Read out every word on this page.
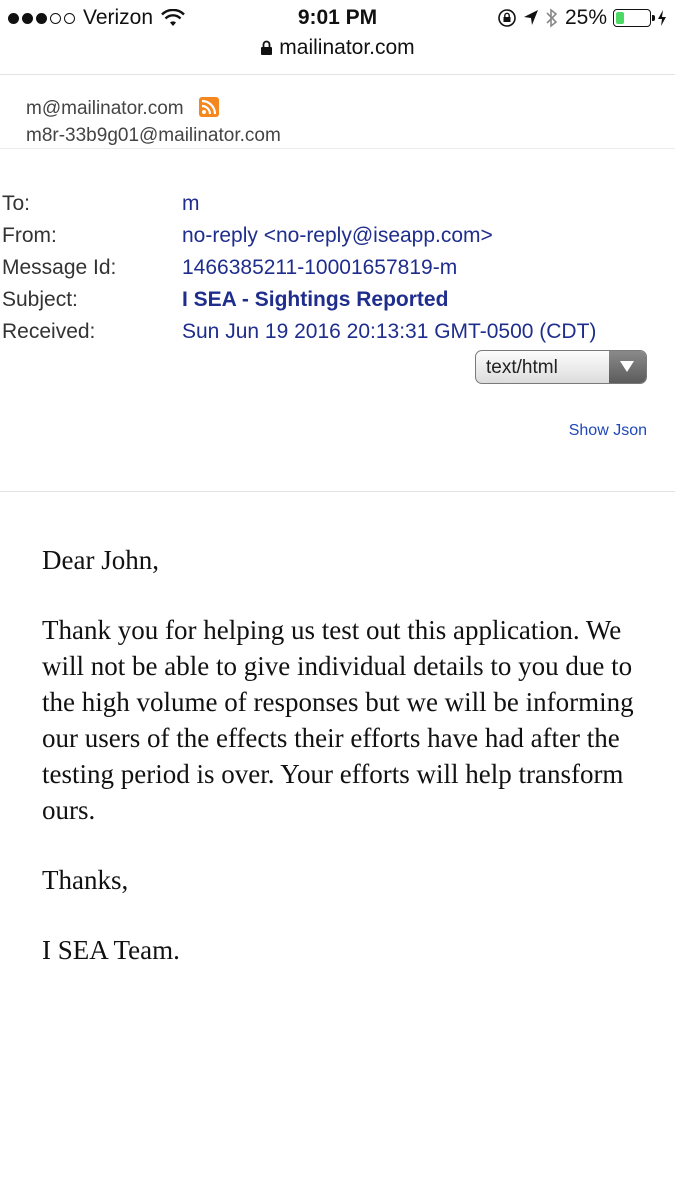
Verizon	9:01 PM	25%
mailinator.com
m@mailinator.com
m8r-33b9g01@mailinator.com
To:	m
From:	no-reply <no-reply@iseapp.com>
Message Id:	1466385211-10001657819-m
Subject:	I SEA - Sightings Reported
Received:	Sun Jun 19 2016 20:13:31 GMT-0500 (CDT)
text/html
Show Json

Dear John,

Thank you for helping us test out this application. We will not be able to give individual details to you due to the high volume of responses but we will be informing our users of the effects their efforts have had after the testing period is over. Your efforts will help transform ours.

Thanks,

I SEA Team.
